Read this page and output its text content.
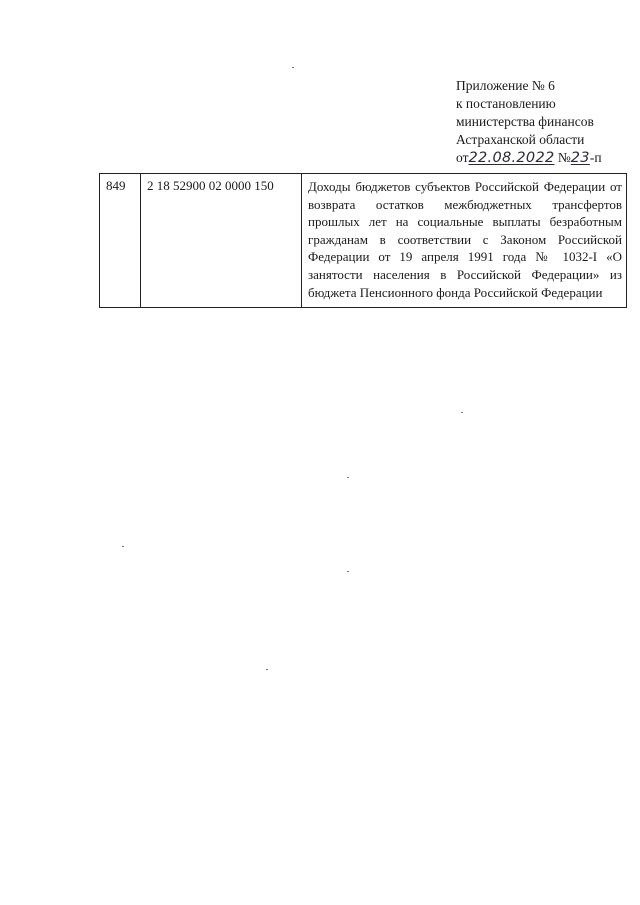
Приложение № 6
к постановлению
министерства финансов
Астраханской области
от22.08.2022 №23-п
849	2 18 52900 02 0000 150	Доходы бюджетов субъектов Российской Федерации от возврата остатков межбюджетных трансфертов прошлых лет на социальные выплаты безработным гражданам в соответствии с Законом Российской Федерации от 19 апреля 1991 года № 1032-I «О занятости населения в Российской Федерации» из бюджета Пенсионного фонда Российской Федерации
